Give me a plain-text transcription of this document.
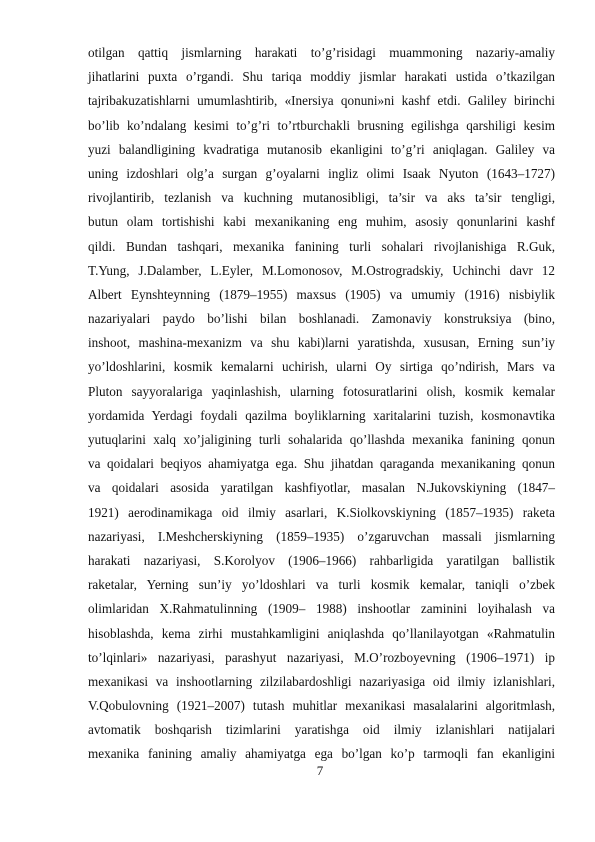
otilgan qattiq jismlarning harakati to’g’risidagi muammoning nazariy-amaliy
jihatlarini puxta o’rgandi. Shu tariqa moddiy jismlar harakati ustida o’tkazilgan
tajribakuzatishlarni umumlashtirib, «Inersiya qonuni»ni kashf etdi. Galiley birinchi
bo’lib ko’ndalang kesimi to’g’ri to’rtburchakli brusning egilishga qarshiligi kesim
yuzi balandligining kvadratiga mutanosib ekanligini to’g’ri aniqlagan. Galiley va
uning izdoshlari olg’a surgan g’oyalarni ingliz olimi Isaak Nyuton (1643–1727)
rivojlantirib, tezlanish va kuchning mutanosibligi, ta’sir va aks ta’sir tengligi,
butun olam tortishishi kabi mexanikaning eng muhim, asosiy qonunlarini kashf
qildi. Bundan tashqari, mexanika fanining turli sohalari rivojlanishiga R.Guk,
T.Yung, J.Dalamber, L.Eyler, M.Lomonosov, M.Ostrogradskiy, Uchinchi davr 12
Albert Eynshteynning (1879–1955) maxsus (1905) va umumiy (1916) nisbiylik
nazariyalari paydo bo’lishi bilan boshlanadi. Zamonaviy konstruksiya (bino,
inshoot, mashina-mexanizm va shu kabi)larni yaratishda, xususan, Erning sun’iy
yo’ldoshlarini, kosmik kemalarni uchirish, ularni Oy sirtiga qo’ndirish, Mars va
Pluton sayyoralariga yaqinlashish, ularning fotosuratlarini olish, kosmik kemalar
yordamida Yerdagi foydali qazilma boyliklarning xaritalarini tuzish, kosmonavtika
yutuqlarini xalq xo’jaligining turli sohalarida qo’llashda mexanika fanining qonun
va qoidalari beqiyos ahamiyatga ega. Shu jihatdan qaraganda mexanikaning qonun
va qoidalari asosida yaratilgan kashfiyotlar, masalan N.Jukovskiyning (1847–
1921) aerodinamikaga oid ilmiy asarlari, K.Siolkovskiyning (1857–1935) raketa
nazariyasi, I.Meshcherskiyning (1859–1935) o’zgaruvchan massali jismlarning
harakati nazariyasi, S.Korolyov (1906–1966) rahbarligida yaratilgan ballistik
raketalar, Yerning sun’iy yo’ldoshlari va turli kosmik kemalar, taniqli o’zbek
olimlaridan X.Rahmatulinning (1909– 1988) inshootlar zaminini loyihalash va
hisoblashda, kema zirhi mustahkamligini aniqlashda qo’llanilayotgan «Rahmatulin
to’lqinlari» nazariyasi, parashyut nazariyasi, M.O’rozboyevning (1906–1971) ip
mexanikasi va inshootlarning zilzilabardoshligi nazariyasiga oid ilmiy izlanishlari,
V.Qobulovning (1921–2007) tutash muhitlar mexanikasi masalalarini algoritmlash,
avtomatik boshqarish tizimlarini yaratishga oid ilmiy izlanishlari natijalari
mexanika fanining amaliy ahamiyatga ega bo’lgan ko’p tarmoqli fan ekanligini
7
